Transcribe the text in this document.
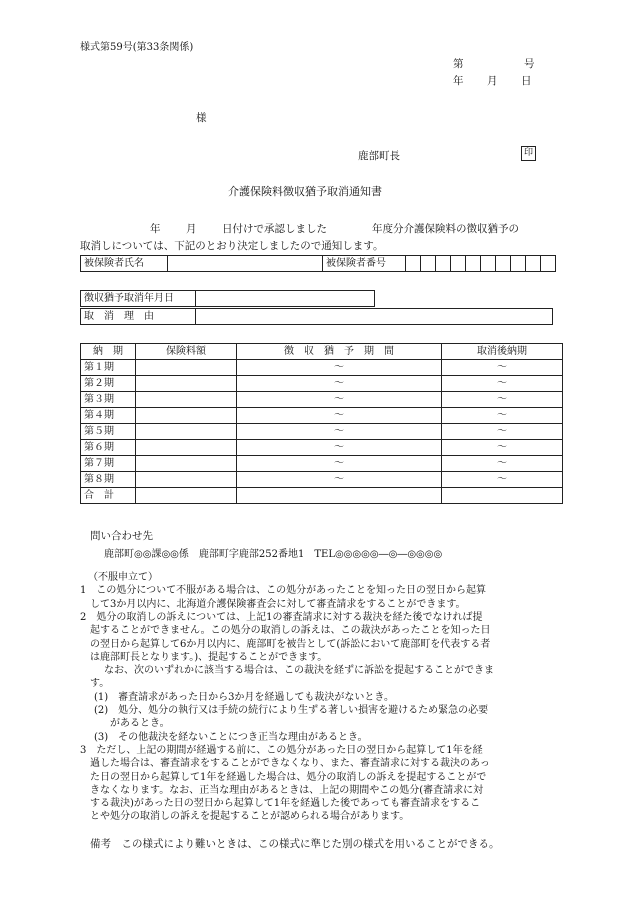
様式第59号(第33条関係)
第	号
年 月 日
様
鹿部町長	印
介護保険料徴収猶予取消通知書
年 月 日付けで承認しました	年度分介護保険料の徴収猶予の
取消しについては、下記のとおり決定しましたので通知します。
被保険者氏名		被保険者番号										
徴収猶予取消年月日	
取　消　理　由	
納　期	保険料額	徴　収　猶　予　期　間	取消後納期
第１期		～	～
第２期		～	～
第３期		～	～
第４期		～	～
第５期		～	～
第６期		～	～
第７期		～	～
第８期		～	～
合　計			
問い合わせ先
鹿部町◎◎課◎◎係　鹿部町字鹿部252番地1　TEL◎◎◎◎◎―◎―◎◎◎◎
（不服申立て）
1　この処分について不服がある場合は、この処分があったことを知った日の翌日から起算
して3か月以内に、北海道介護保険審査会に対して審査請求をすることができます。
2　処分の取消しの訴えについては、上記1の審査請求に対する裁決を経た後でなければ提
起することができません。この処分の取消しの訴えは、この裁決があったことを知った日
の翌日から起算して6か月以内に、鹿部町を被告として(訴訟において鹿部町を代表する者
は鹿部町長となります。)、提起することができます。
　なお、次のいずれかに該当する場合は、この裁決を経ずに訴訟を提起することができま
す。
(1)　審査請求があった日から3か月を経過しても裁決がないとき。
(2)　処分、処分の執行又は手続の続行により生ずる著しい損害を避けるため緊急の必要
があるとき。
(3)　その他裁決を経ないことにつき正当な理由があるとき。
3　ただし、上記の期間が経過する前に、この処分があった日の翌日から起算して1年を経
過した場合は、審査請求をすることができなくなり、また、審査請求に対する裁決のあっ
た日の翌日から起算して1年を経過した場合は、処分の取消しの訴えを提起することがで
きなくなります。なお、正当な理由があるときは、上記の期間やこの処分(審査請求に対
する裁決)があった日の翌日から起算して1年を経過した後であっても審査請求をするこ
とや処分の取消しの訴えを提起することが認められる場合があります。
備考　この様式により難いときは、この様式に準じた別の様式を用いることができる。
